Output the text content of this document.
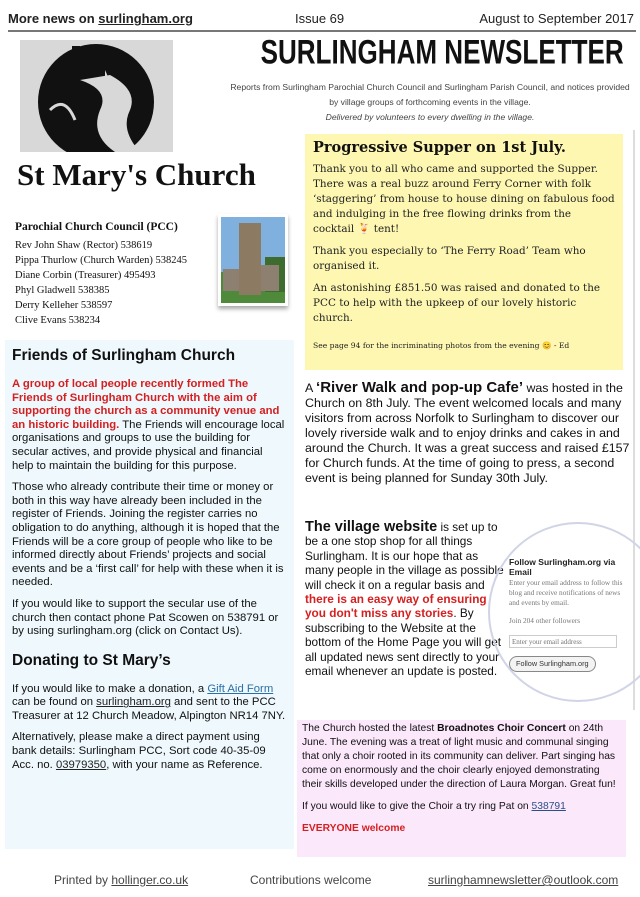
More news on surlingham.org	Issue 69	August to September 2017
SURLINGHAM NEWSLETTER
Reports from Surlingham Parochial Church Council and Surlingham Parish Council, and notices provided by village groups of forthcoming events in the village.
Delivered by volunteers to every dwelling in the village.
St Mary's Church
Parochial Church Council (PCC)
Rev John Shaw (Rector) 538619
Pippa Thurlow (Church Warden) 538245
Diane Corbin (Treasurer) 495493
Phyl Gladwell 538385
Derry Kelleher 538597
Clive Evans 538234
Progressive Supper on 1st July.

Thank you to all who came and supported the Supper. There was a real buzz around Ferry Corner with folk ‘staggering’ from house to house dining on fabulous food and indulging in the free flowing drinks from the cocktail 🍹 tent!

Thank you especially to ‘The Ferry Road’ Team who organised it.

An astonishing £851.50 was raised and donated to the PCC to help with the upkeep of our lovely historic church.

See page 94 for the incriminating photos from the evening 😊 - Ed

Friends of Surlingham Church

A group of local people recently formed The Friends of Surlingham Church with the aim of supporting the church as a community venue and an historic building. The Friends will encourage local organisations and groups to use the building for secular actives, and provide physical and financial help to maintain the building for this purpose.

Those who already contribute their time or money or both in this way have already been included in the register of Friends. Joining the register carries no obligation to do anything, although it is hoped that the Friends will be a core group of people who like to be informed directly about Friends’ projects and social events and be a ‘first call’ for help with these when it is needed.

If you would like to support the secular use of the church then contact phone Pat Scowen on 538791 or by using surlingham.org (click on Contact Us).

Donating to St Mary’s

If you would like to make a donation, a Gift Aid Form can be found on surlingham.org and sent to the PCC Treasurer at 12 Church Meadow, Alpington NR14 7NY.

Alternatively, please make a direct payment using bank details: Surlingham PCC, Sort code 40-35-09 Acc. no. 03979350, with your name as Reference.

A ‘River Walk and pop-up Cafe’ was hosted in the Church on 8th July. The event welcomed locals and many visitors from across Norfolk to Surlingham to discover our lovely riverside walk and to enjoy drinks and cakes in and around the Church. It was a great success and raised £157 for Church funds. At the time of going to press, a second event is being planned for Sunday 30th July.
The village website is set up to be a one stop shop for all things Surlingham. It is our hope that as many people in the village as possible will check it on a regular basis and there is an easy way of ensuring you don't miss any stories. By subscribing to the Website at the bottom of the Home Page you will get all updated news sent directly to your email whenever an update is posted.
Follow Surlingham.org via Email
Enter your email address to follow this blog and receive notifications of news and events by email.
Join 204 other followers
Enter your email address Follow Surlingham.org

The Church hosted the latest Broadnotes Choir Concert on 24th June. The evening was a treat of light music and communal singing that only a choir rooted in its community can deliver. Part singing has come on enormously and the choir clearly enjoyed demonstrating their skills developed under the direction of Laura Morgan. Great fun!

If you would like to give the Choir a try ring Pat on 538791

EVERYONE welcome

Printed by hollinger.co.uk	Contributions welcome	surlinghamnewsletter@outlook.com
